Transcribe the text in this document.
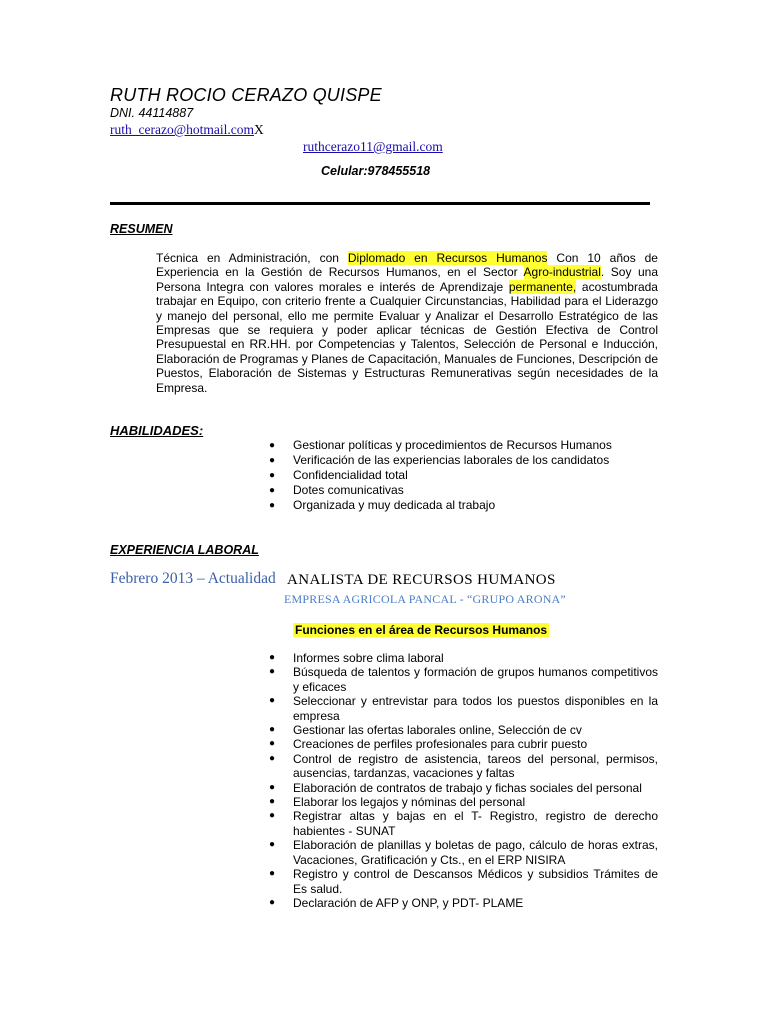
RUTH ROCIO CERAZO QUISPE
DNI. 44114887
ruth_cerazo@hotmail.comX
ruthcerazo11@gmail.com
Celular:978455518
RESUMEN
Técnica en Administración, con Diplomado en Recursos Humanos Con 10 años de Experiencia en la Gestión de Recursos Humanos, en el Sector Agro-industrial. Soy una Persona Integra con valores morales e interés de Aprendizaje permanente, acostumbrada trabajar en Equipo, con criterio frente a Cualquier Circunstancias, Habilidad para el Liderazgo y manejo del personal, ello me permite Evaluar y Analizar el Desarrollo Estratégico de las Empresas que se requiera y poder aplicar técnicas de Gestión Efectiva de Control Presupuestal en RR.HH. por Competencias y Talentos, Selección de Personal e Inducción, Elaboración de Programas y Planes de Capacitación, Manuales de Funciones, Descripción de Puestos, Elaboración de Sistemas y Estructuras Remunerativas según necesidades de la Empresa.
HABILIDADES:
● Gestionar políticas y procedimientos de Recursos Humanos
● Verificación de las experiencias laborales de los candidatos
● Confidencialidad total
● Dotes comunicativas
● Organizada y muy dedicada al trabajo
EXPERIENCIA LABORAL
Febrero 2013 – Actualidad ANALISTA DE RECURSOS HUMANOS
EMPRESA AGRICOLA PANCAL - “GRUPO ARONA”
Funciones en el área de Recursos Humanos
● Informes sobre clima laboral
● Búsqueda de talentos y formación de grupos humanos competitivos y eficaces
● Seleccionar y entrevistar para todos los puestos disponibles en la empresa
● Gestionar las ofertas laborales online, Selección de cv
● Creaciones de perfiles profesionales para cubrir puesto
● Control de registro de asistencia, tareos del personal, permisos, ausencias, tardanzas, vacaciones y faltas
● Elaboración de contratos de trabajo y fichas sociales del personal
● Elaborar los legajos y nóminas del personal
● Registrar altas y bajas en el T- Registro, registro de derecho habientes - SUNAT
● Elaboración de planillas y boletas de pago, cálculo de horas extras, Vacaciones, Gratificación y Cts., en el ERP NISIRA
● Registro y control de Descansos Médicos y subsidios Trámites de Es salud.
● Declaración de AFP y ONP, y PDT- PLAME
